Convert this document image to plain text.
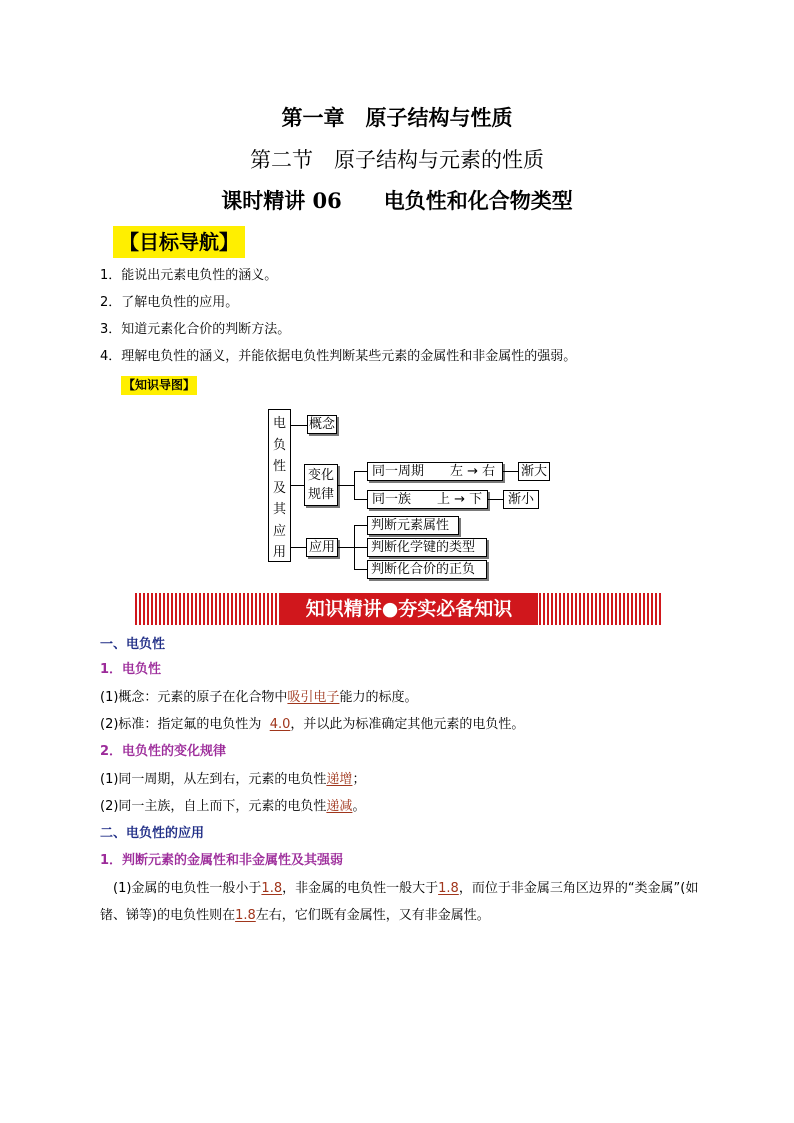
第一章　原子结构与性质
第二节　原子结构与元素的性质
课时精讲 06 电负性和化合物类型
【目标导航】
1．能说出元素电负性的涵义。
2．了解电负性的应用。
3．知道元素化合价的判断方法。
4．理解电负性的涵义，并能依据电负性判断某些元素的金属性和非金属性的强弱。
【知识导图】
电负性及其应用
概念
变化规律
应用
同一周期　　左 → 右
同一族　　上 → 下
渐大
渐小
判断元素属性
判断化学键的类型
判断化合价的正负
知识精讲●夯实必备知识
一、电负性
1．电负性
(1)概念：元素的原子在化合物中吸引电子能力的标度。
(2)标准：指定氟的电负性为 4.0，并以此为标准确定其他元素的电负性。
2．电负性的变化规律
(1)同一周期，从左到右，元素的电负性递增；
(2)同一主族，自上而下，元素的电负性递减。
二、电负性的应用
1．判断元素的金属性和非金属性及其强弱
(1)金属的电负性一般小于1.8，非金属的电负性一般大于1.8，而位于非金属三角区边界的“类金属”(如
锗、锑等)的电负性则在1.8左右，它们既有金属性，又有非金属性。
